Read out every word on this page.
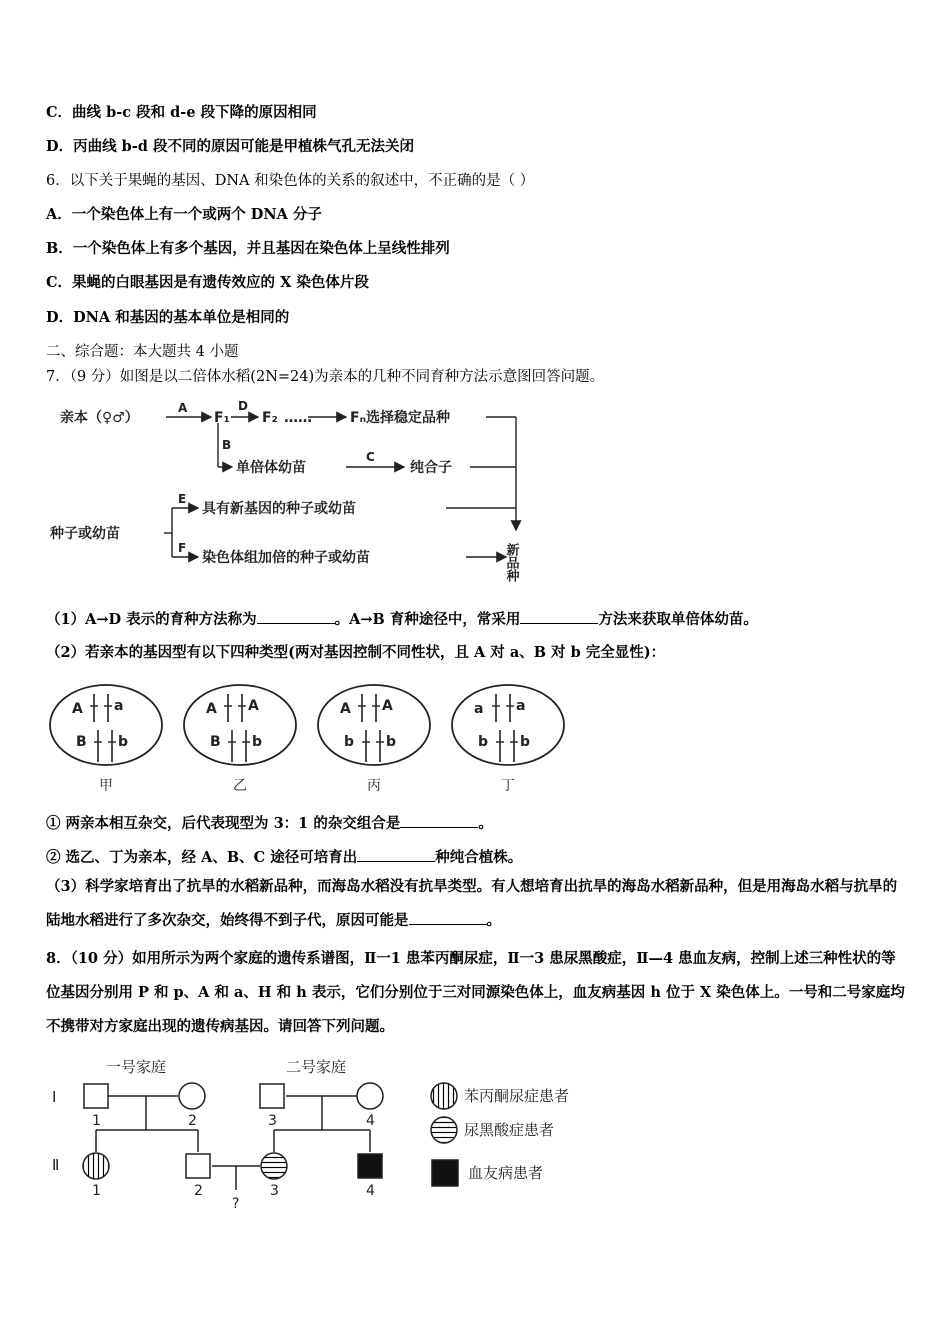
C．曲线 b-c 段和 d-e 段下降的原因相同
D．丙曲线 b-d 段不同的原因可能是甲植株气孔无法关闭
6．以下关于果蝇的基因、DNA 和染色体的关系的叙述中，不正确的是（ ）
A．一个染色体上有一个或两个 DNA 分子
B．一个染色体上有多个基因，并且基因在染色体上呈线性排列
C．果蝇的白眼基因是有遗传效应的 X 染色体片段
D．DNA 和基因的基本单位是相同的
二、综合题：本大题共 4 小题
7．（9 分）如图是以二倍体水稻(2N=24)为亲本的几种不同育种方法示意图回答问题。
亲本（♀♂）
A
F₁
D
F₂ ……	Fₙ选择稳定品种
B
单倍体幼苗
C
纯合子
种子或幼苗
E
具有新基因的种子或幼苗
F
染色体组加倍的种子或幼苗	新品种
（1）A→D 表示的育种方法称为	。A→B 育种途径中，常采用	方法来获取单倍体幼苗。
（2）若亲本的基因型有以下四种类型(两对基因控制不同性状，且 A 对 a、B 对 b 完全显性)：
A a
B b
甲
A A
B b
乙
A A
b b
丙
a a
b b
丁
① 两亲本相互杂交，后代表现型为 3：1 的杂交组合是	。
② 选乙、丁为亲本，经 A、B、C 途径可培育出	种纯合植株。
（3）科学家培育出了抗旱的水稻新品种，而海岛水稻没有抗旱类型。有人想培育出抗旱的海岛水稻新品种，但是用海岛水稻与抗旱的陆地水稻进行了多次杂交，始终得不到子代，原因可能是	。
8．（10 分）如用所示为两个家庭的遗传系谱图，Ⅱ一1 患苯丙酮尿症，Ⅱ一3 患尿黑酸症，Ⅱ—4 患血友病，控制上述三种性状的等位基因分别用 P 和 p、A 和 a、H 和 h 表示，它们分别位于三对同源染色体上，血友病基因 h 位于 X 染色体上。一号和二号家庭均不携带对方家庭出现的遗传病基因。请回答下列问题。
一号家庭	二号家庭
Ⅰ
Ⅱ
1	2	3	4
1	2	3	4
?
苯丙酮尿症患者
尿黑酸症患者
血友病患者
